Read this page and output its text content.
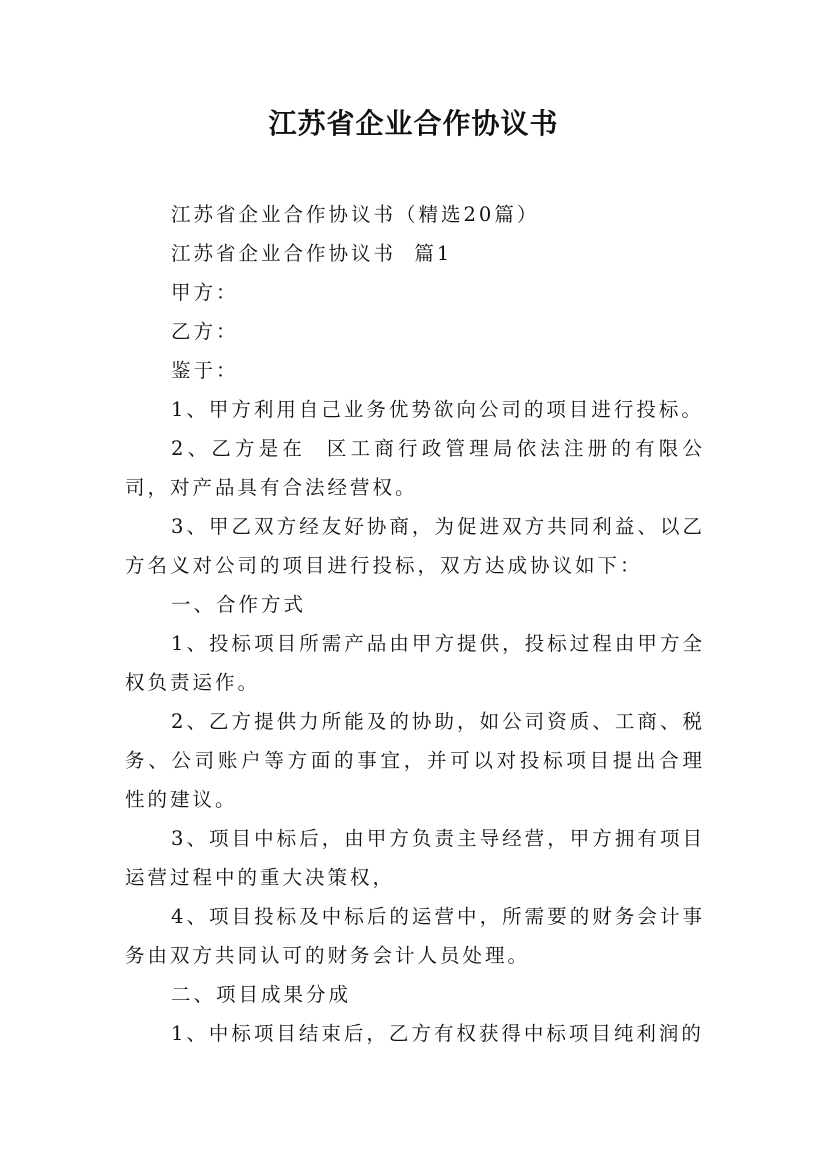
江苏省企业合作协议书

江苏省企业合作协议书（精选20篇）

江苏省企业合作协议书  篇1

甲方：

乙方：

鉴于：

1、甲方利用自己业务优势欲向公司的项目进行投标。

2、乙方是在  区工商行政管理局依法注册的有限公司，对产品具有合法经营权。

3、甲乙双方经友好协商，为促进双方共同利益、以乙方名义对公司的项目进行投标，双方达成协议如下：

一、合作方式

1、投标项目所需产品由甲方提供，投标过程由甲方全权负责运作。

2、乙方提供力所能及的协助，如公司资质、工商、税务、公司账户等方面的事宜，并可以对投标项目提出合理性的建议。

3、项目中标后，由甲方负责主导经营，甲方拥有项目运营过程中的重大决策权，

4、项目投标及中标后的运营中，所需要的财务会计事务由双方共同认可的财务会计人员处理。

二、项目成果分成

1、中标项目结束后，乙方有权获得中标项目纯利润的
